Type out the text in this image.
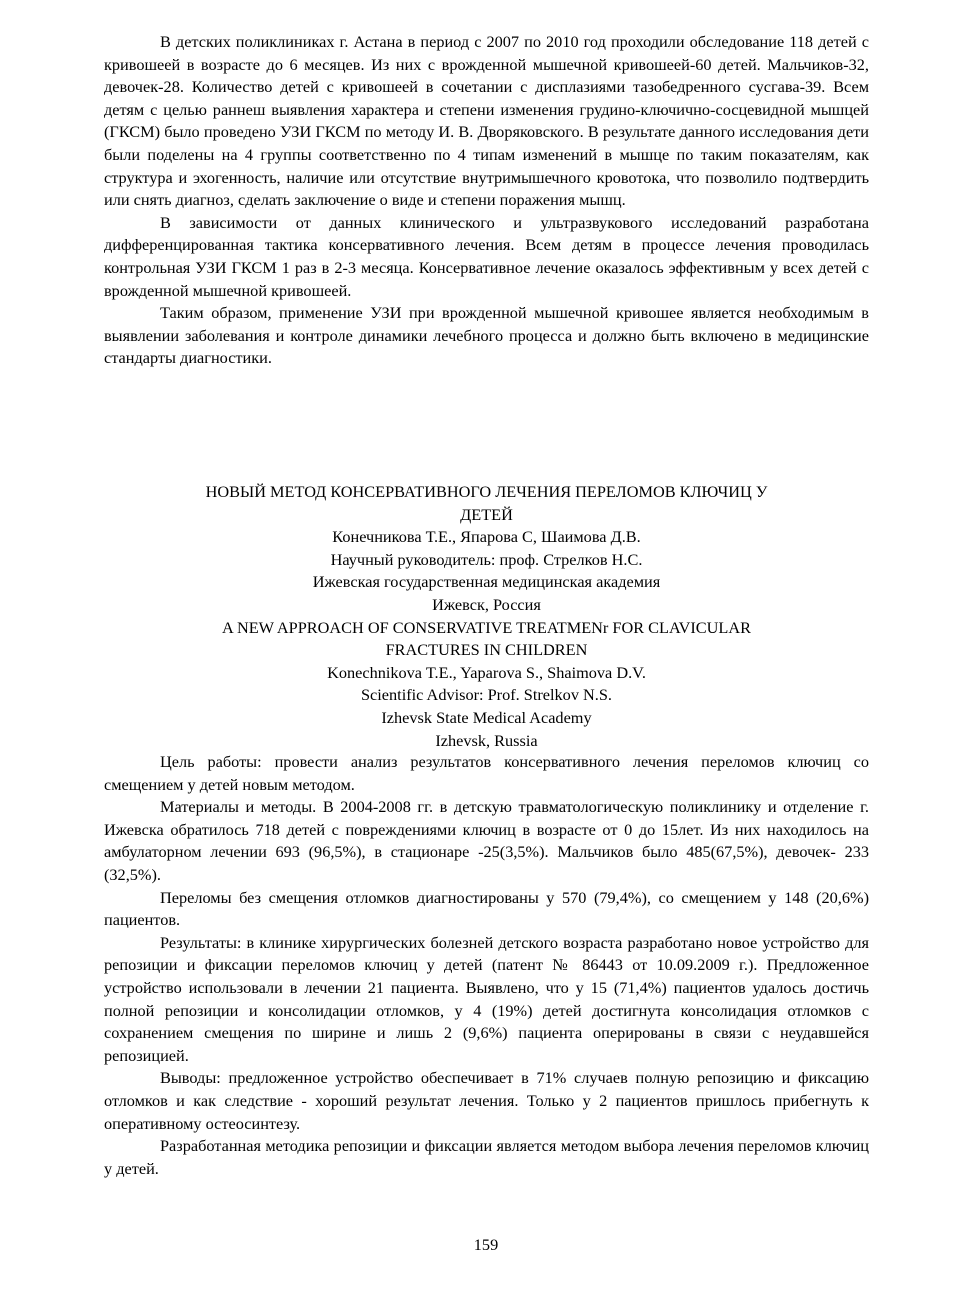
В детских поликлиниках г. Астана в период с 2007 по 2010 год проходили обследование 118 детей с кривошеей в возрасте до 6 месяцев. Из них с врожденной мышечной кривошеей-60 детей. Мальчиков-32, девочек-28. Количество детей с кривошеей в сочетании с дисплазиями тазобедренного сусгава-39. Всем детям с целью раннеш выявления характера и степени изменения грудино-ключично-сосцевидной мышцей (ГКСМ) было проведено УЗИ ГКСМ по методу И. В. Дворяковского. В результате данного исследования дети были поделены на 4 группы соответственно по 4 типам изменений в мышце по таким показателям, как структура и эхогенность, наличие или отсутствие внутримышечного кровотока, что позволило подтвердить или снять диагноз, сделать заключение о виде и степени поражения мышц.

В зависимости от данных клинического и ультразвукового исследований разработана дифференцированная тактика консервативного лечения. Всем детям в процессе лечения проводилась контрольная УЗИ ГКСМ 1 раз в 2-3 месяца. Консервативное лечение оказалось эффективным у всех детей с врожденной мышечной кривошеей.

Таким образом, применение УЗИ при врожденной мышечной кривошее является необходимым в выявлении заболевания и контроле динамики лечебного процесса и должно быть включено в медицинские стандарты диагностики.

НОВЫЙ МЕТОД КОНСЕРВАТИВНОГО ЛЕЧЕНИЯ ПЕРЕЛОМОВ КЛЮЧИЦ У

ДЕТЕЙ

Конечникова Т.Е., Япарова С, Шаимова Д.В.

Научный руководитель: проф. Стрелков Н.С.

Ижевская государственная медицинская академия

Ижевск, Россия

A NEW APPROACH OF CONSERVATIVE TREATMENr FOR CLAVICULAR

FRACTURES IN CHILDREN

Konechnikova T.E., Yaparova S., Shaimova D.V.

Scientific Advisor: Prof. Strelkov N.S.

Izhevsk State Medical Academy

Izhevsk, Russia

Цель работы: провести анализ результатов консервативного лечения переломов ключиц со смещением у детей новым методом.

Материалы и методы. В 2004-2008 гг. в детскую травматологическую поликлинику и отделение г. Ижевска обратилось 718 детей с повреждениями ключиц в возрасте от 0 до 15лет. Из них находилось на амбулаторном лечении 693 (96,5%), в стационаре -25(3,5%). Мальчиков было 485(67,5%), девочек- 233 (32,5%).

Переломы без смещения отломков диагностированы у 570 (79,4%), со смещением у 148 (20,6%) пациентов.

Результаты: в клинике хирургических болезней детского возраста разработано новое устройство для репозиции и фиксации переломов ключиц у детей (патент № 86443 от 10.09.2009 г.). Предложенное устройство использовали в лечении 21 пациента. Выявлено, что у 15 (71,4%) пациентов удалось достичь полной репозиции и консолидации отломков, у 4 (19%) детей достигнута консолидация отломков с сохранением смещения по ширине и лишь 2 (9,6%) пациента оперированы в связи с неудавшейся репозицией.

Выводы: предложенное устройство обеспечивает в 71% случаев полную репозицию и фиксацию отломков и как следствие - хороший результат лечения. Только у 2 пациентов пришлось прибегнуть к оперативному остеосинтезу.

Разработанная методика репозиции и фиксации является методом выбора лечения переломов ключиц у детей.

159
